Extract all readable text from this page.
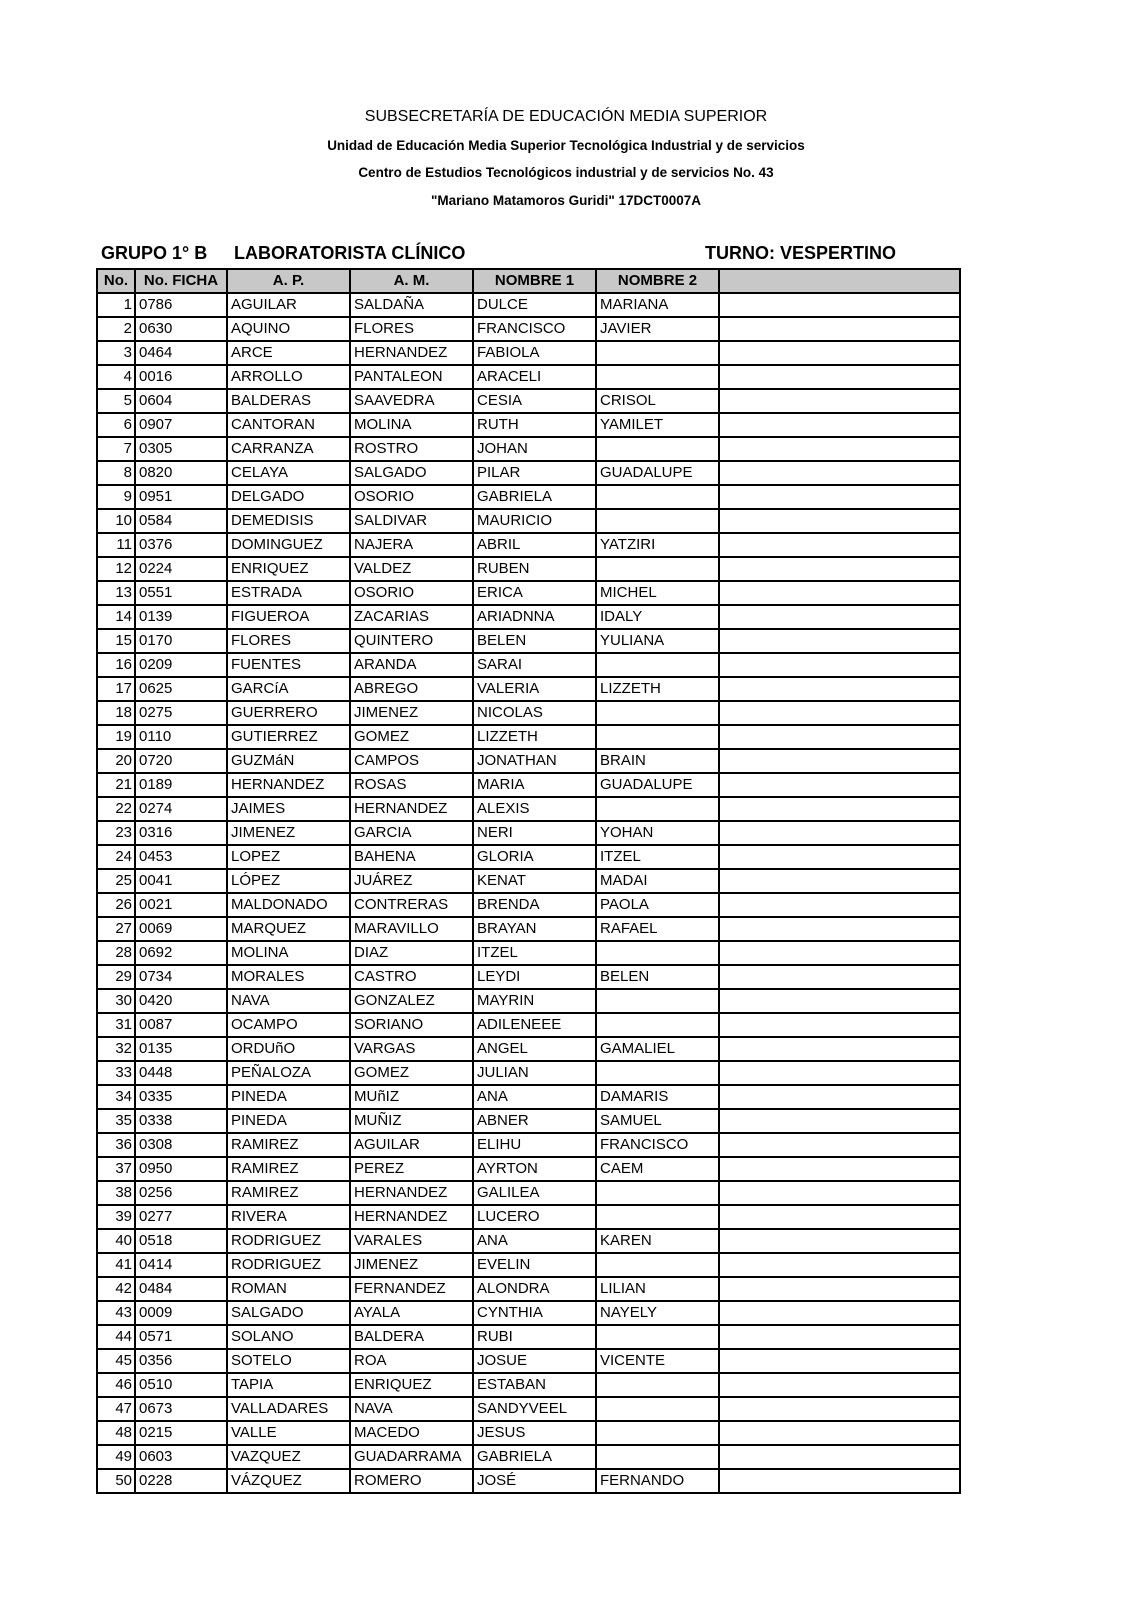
SUBSECRETARÍA DE EDUCACIÓN MEDIA SUPERIOR
Unidad de Educación Media Superior Tecnológica Industrial y de servicios
Centro de Estudios Tecnológicos industrial y de servicios No. 43
"Mariano Matamoros Guridi" 17DCT0007A
GRUPO 1° B LABORATORISTA CLÍNICO	TURNO: VESPERTINO
No.	No. FICHA	A. P.	A. M.	NOMBRE 1	NOMBRE 2	
1	0786	AGUILAR	SALDAÑA	DULCE	MARIANA	
2	0630	AQUINO	FLORES	FRANCISCO	JAVIER	
3	0464	ARCE	HERNANDEZ	FABIOLA		
4	0016	ARROLLO	PANTALEON	ARACELI		
5	0604	BALDERAS	SAAVEDRA	CESIA	CRISOL	
6	0907	CANTORAN	MOLINA	RUTH	YAMILET	
7	0305	CARRANZA	ROSTRO	JOHAN		
8	0820	CELAYA	SALGADO	PILAR	GUADALUPE	
9	0951	DELGADO	OSORIO	GABRIELA		
10	0584	DEMEDISIS	SALDIVAR	MAURICIO		
11	0376	DOMINGUEZ	NAJERA	ABRIL	YATZIRI	
12	0224	ENRIQUEZ	VALDEZ	RUBEN		
13	0551	ESTRADA	OSORIO	ERICA	MICHEL	
14	0139	FIGUEROA	ZACARIAS	ARIADNNA	IDALY	
15	0170	FLORES	QUINTERO	BELEN	YULIANA	
16	0209	FUENTES	ARANDA	SARAI		
17	0625	GARCíA	ABREGO	VALERIA	LIZZETH	
18	0275	GUERRERO	JIMENEZ	NICOLAS		
19	0110	GUTIERREZ	GOMEZ	LIZZETH		
20	0720	GUZMáN	CAMPOS	JONATHAN	BRAIN	
21	0189	HERNANDEZ	ROSAS	MARIA	GUADALUPE	
22	0274	JAIMES	HERNANDEZ	ALEXIS		
23	0316	JIMENEZ	GARCIA	NERI	YOHAN	
24	0453	LOPEZ	BAHENA	GLORIA	ITZEL	
25	0041	LÓPEZ	JUÁREZ	KENAT	MADAI	
26	0021	MALDONADO	CONTRERAS	BRENDA	PAOLA	
27	0069	MARQUEZ	MARAVILLO	BRAYAN	RAFAEL	
28	0692	MOLINA	DIAZ	ITZEL		
29	0734	MORALES	CASTRO	LEYDI	BELEN	
30	0420	NAVA	GONZALEZ	MAYRIN		
31	0087	OCAMPO	SORIANO	ADILENEEE		
32	0135	ORDUñO	VARGAS	ANGEL	GAMALIEL	
33	0448	PEÑALOZA	GOMEZ	JULIAN		
34	0335	PINEDA	MUñIZ	ANA	DAMARIS	
35	0338	PINEDA	MUÑIZ	ABNER	SAMUEL	
36	0308	RAMIREZ	AGUILAR	ELIHU	FRANCISCO	
37	0950	RAMIREZ	PEREZ	AYRTON	CAEM	
38	0256	RAMIREZ	HERNANDEZ	GALILEA		
39	0277	RIVERA	HERNANDEZ	LUCERO		
40	0518	RODRIGUEZ	VARALES	ANA	KAREN	
41	0414	RODRIGUEZ	JIMENEZ	EVELIN		
42	0484	ROMAN	FERNANDEZ	ALONDRA	LILIAN	
43	0009	SALGADO	AYALA	CYNTHIA	NAYELY	
44	0571	SOLANO	BALDERA	RUBI		
45	0356	SOTELO	ROA	JOSUE	VICENTE	
46	0510	TAPIA	ENRIQUEZ	ESTABAN		
47	0673	VALLADARES	NAVA	SANDYVEEL		
48	0215	VALLE	MACEDO	JESUS		
49	0603	VAZQUEZ	GUADARRAMA	GABRIELA		
50	0228	VÁZQUEZ	ROMERO	JOSÉ	FERNANDO	
